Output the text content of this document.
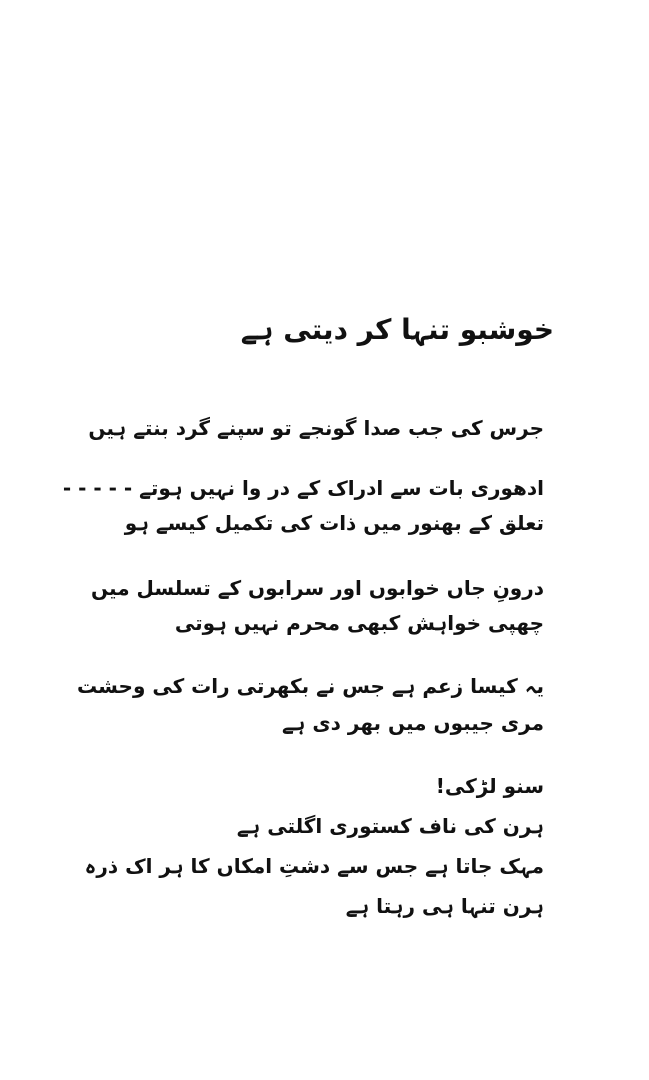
خوشبو تنہا کر دیتی ہے
جرس کی جب صدا گونجے تو سپنے گرد بنتے ہیں
ادھوری بات سے ادراک کے در وا نہیں ہوتے - - - - -
تعلق کے بھنور میں ذات کی تکمیل کیسے ہو
درونِ جاں خوابوں اور سرابوں کے تسلسل میں
چھپی خواہش کبھی محرم نہیں ہوتی
یہ کیسا زعم ہے جس نے بکھرتی رات کی وحشت
مری جیبوں میں بھر دی ہے
سنو لڑکی!
ہرن کی ناف کستوری اگلتی ہے
مہک جاتا ہے جس سے دشتِ امکاں کا ہر اک ذرہ
ہرن تنہا ہی رہتا ہے
